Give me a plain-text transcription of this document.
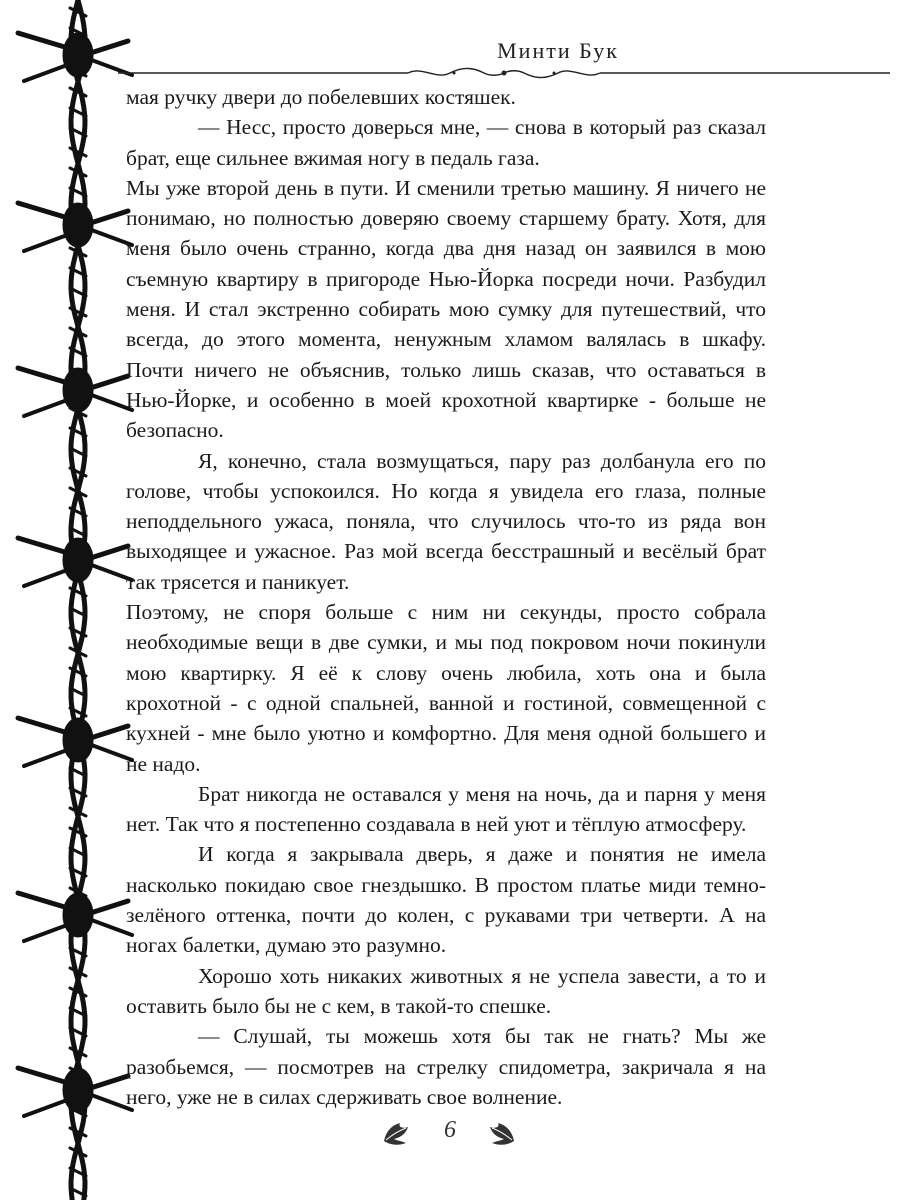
Минти Бук

мая ручку двери до побелевших костяшек.

— Несс, просто доверься мне, — снова в который раз сказал брат, еще сильнее вжимая ногу в педаль газа.

Мы уже второй день в пути. И сменили третью машину. Я ничего не понимаю, но полностью доверяю своему старшему брату. Хотя, для меня было очень странно, когда два дня назад он заявился в мою съемную квартиру в пригороде Нью-Йорка посреди ночи. Разбудил меня. И стал экстренно собирать мою сумку для путешествий, что всегда, до этого момента, ненужным хламом валялась в шкафу. Почти ничего не объяснив, только лишь сказав, что оставаться в Нью-Йорке, и особенно в моей крохотной квартирке - больше не безопасно.

Я, конечно, стала возмущаться, пару раз долбанула его по голове, чтобы успокоился. Но когда я увидела его глаза, полные неподдельного ужаса, поняла, что случилось что-то из ряда вон выходящее и ужасное. Раз мой всегда бесстрашный и весёлый брат так трясется и паникует.

Поэтому, не споря больше с ним ни секунды, просто собрала необходимые вещи в две сумки, и мы под покровом ночи покинули мою квартирку. Я её к слову очень любила, хоть она и была крохотной - с одной спальней, ванной и гостиной, совмещенной с кухней - мне было уютно и комфортно. Для меня одной большего и не надо.

Брат никогда не оставался у меня на ночь, да и парня у меня нет. Так что я постепенно создавала в ней уют и тёплую атмосферу.

И когда я закрывала дверь, я даже и понятия не имела насколько покидаю свое гнездышко. В простом платье миди темно-зелёного оттенка, почти до колен, с рукавами три четверти. А на ногах балетки, думаю это разумно.

Хорошо хоть никаких животных я не успела завести, а то и оставить было бы не с кем, в такой-то спешке.

— Слушай, ты можешь хотя бы так не гнать? Мы же разобьемся, — посмотрев на стрелку спидометра, закричала я на него, уже не в силах сдерживать свое волнение.

6
